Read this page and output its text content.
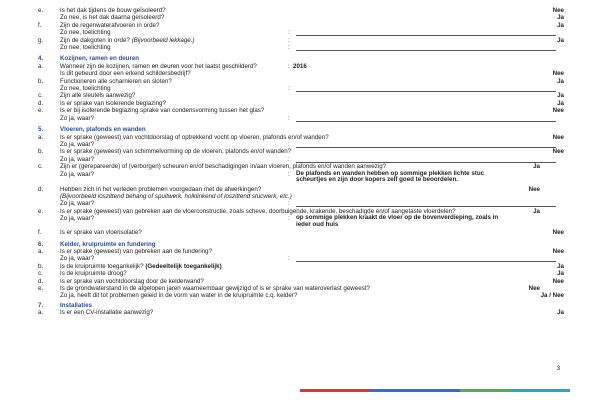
e.	Is het dak tijdens de bouw geïsoleerd?	Nee
Zo nee, is het dak daarna geïsoleerd?	Ja
f.	Zijn de regenwaterafvoeren in orde?	Ja
Zo nee, toelichting	:
g.	Zijn de dakgoten in orde? (Bijvoorbeeld lekkage.)	:	Ja
Zo nee, toelichting	:
4.	Kozijnen, ramen en deuren
a.	Wanneer zijn de kozijnen, ramen en deuren voor het laatst geschilderd?	: 2016
Is dit gebeurd door een erkend schildersbedrijf?	Nee
b.	Functioneren alle scharnieren en sloten?	Ja
Zo nee, toelichting	:
c.	Zijn alle sleutels aanwezig?	Ja
d.	Is er sprake van isolerende beglazing?	Ja
e.	Is er bij isolerende beglazing sprake van condensvorming tussen het glas?	Nee
Zo ja, waar?	:
5.	Vloeren, plafonds en wanden
a.	Is er sprake (geweest) van vochtdoorslag of optrekkend vocht op vloeren, plafonds en/of wanden?	Nee
Zo ja, waar?	:
b.	Is er sprake (geweest) van schimmelvorming op de vloeren, plafonds en/of wanden?	Nee
Zo ja, waar?	:
c.	Zijn er (gerepareerde) of (verborgen) scheuren en/of beschadigingen in/aan vloeren, plafonds en/of wanden aanwezig?	Ja
Zo ja, waar?	: De plafonds en wanden hebben op sommige plekken lichte stuc scheurtjes en zijn door kopers zelf goed te beoordelen.
d.	Hebben zich in het verleden problemen voorgedaan met de afwerkingen?
(Bijvoorbeeld loszittend behang of spuitwerk, holklinkend of loszittend stucwerk, etc.)
Nee
Zo ja, waar?	:
e.	Is er sprake (geweest) van gebreken aan de vloerconstructie, zoals scheve, doorbuigende, krakende, beschadigde en/of aangetaste vloerdelen?	Ja
Zo ja, waar?	: op sommige plekken kraakt de vloer op de bovenverdieping, zoals in ieder oud huis
f.	Is er sprake van vloerisolatie?	Nee
6.	Kelder, kruipruimte en fundering
a.	Is er sprake (geweest) van gebreken aan de fundering?	Nee
Zo ja, waar?	:
b.	Is de kruipruimte toegankelijk? (Gedeeltelijk toegankelijk)	Ja
c.	Is de kruipruimte droog?	Ja
d.	Is er sprake van vochtdoorslag door de kelderwand?	Nee
e.	Is de grondwaterstand in de afgelopen jaren waarneembaar gewijzigd of is er sprake van wateroverlast geweest?	Nee
Zo ja, heeft dit tot problemen geleid in de vorm van water in de kruipruimte c.q. kelder?	Ja / Nee
7.	Installaties
a.	Is er een CV-installatie aanwezig?	Ja
3
